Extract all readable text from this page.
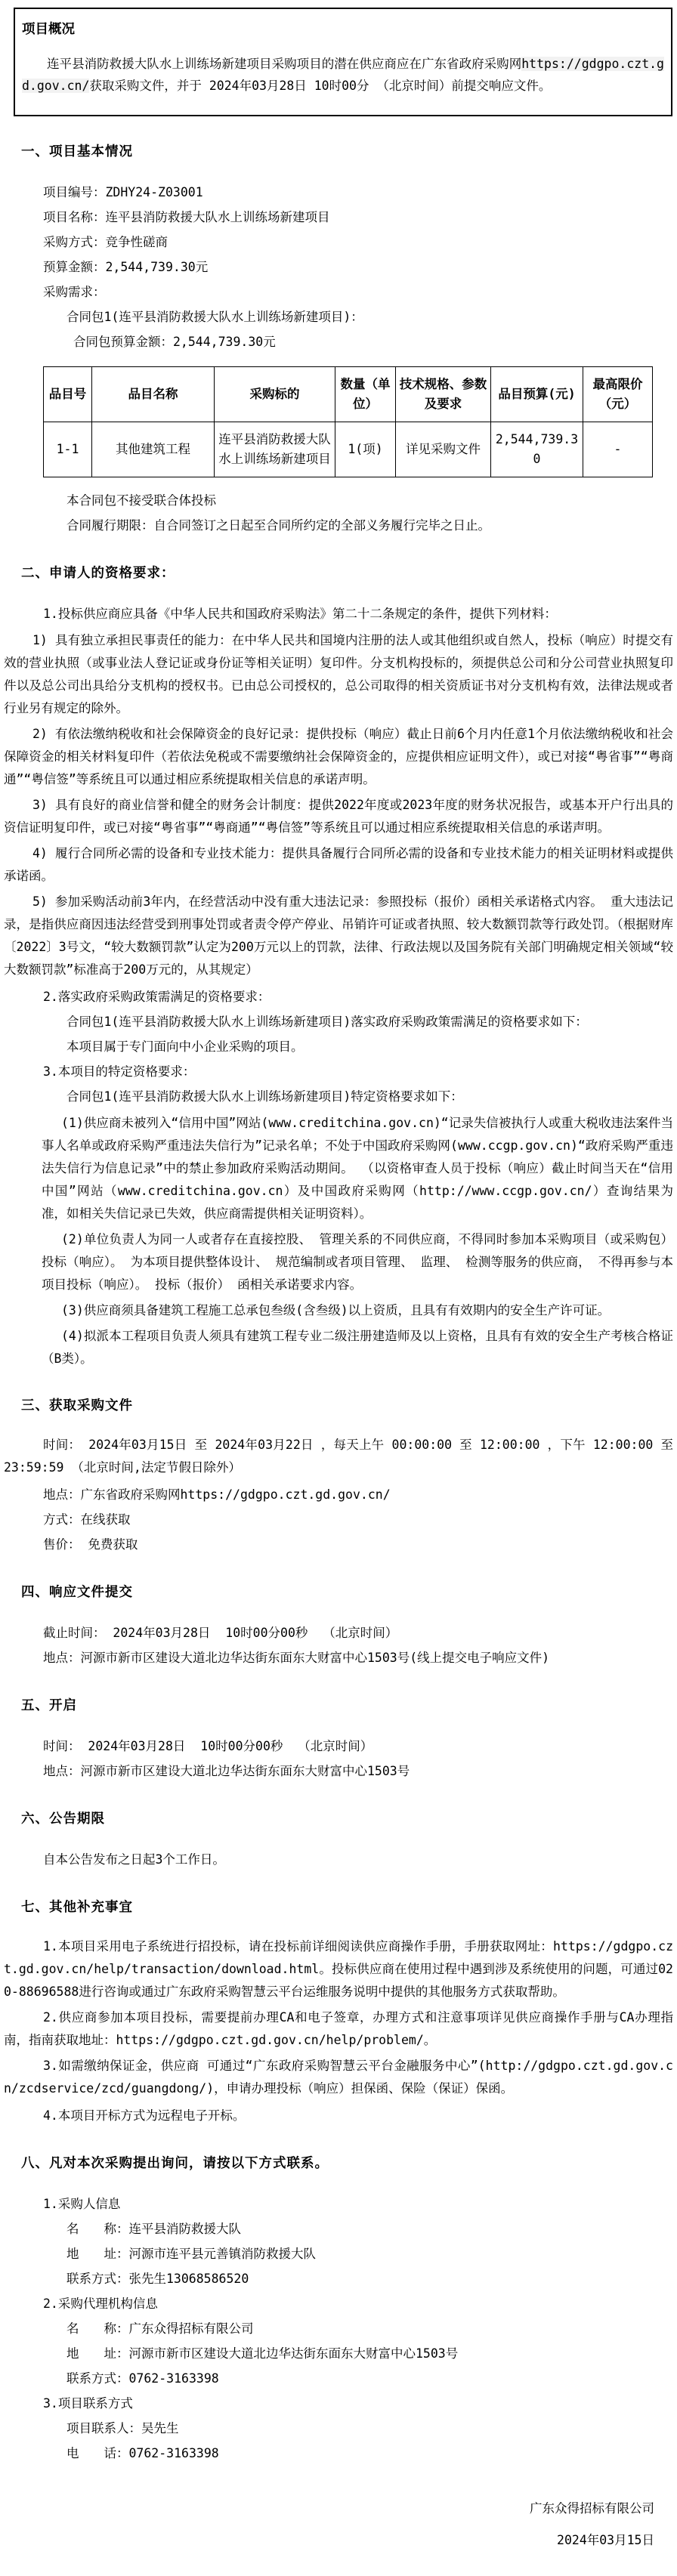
项目概况
连平县消防救援大队水上训练场新建项目采购项目的潜在供应商应在广东省政府采购网https://gdgpo.czt.gd.gov.cn/获取采购文件，并于 2024年03月28日 10时00分 （北京时间）前提交响应文件。
一、项目基本情况
项目编号：ZDHY24-Z03001
项目名称：连平县消防救援大队水上训练场新建项目
采购方式：竞争性磋商
预算金额：2,544,739.30元
采购需求：
合同包1(连平县消防救援大队水上训练场新建项目)：
合同包预算金额：2,544,739.30元
品目号	品目名称	采购标的	数量（单位）	技术规格、参数及要求	品目预算(元)	最高限价（元）
1-1	其他建筑工程	连平县消防救援大队水上训练场新建项目	1(项)	详见采购文件	2,544,739.30	-
本合同包不接受联合体投标
合同履行期限：自合同签订之日起至合同所约定的全部义务履行完毕之日止。
二、申请人的资格要求：
1.投标供应商应具备《中华人民共和国政府采购法》第二十二条规定的条件，提供下列材料：
1) 具有独立承担民事责任的能力：在中华人民共和国境内注册的法人或其他组织或自然人，投标（响应）时提交有效的营业执照（或事业法人登记证或身份证等相关证明）复印件。分支机构投标的，须提供总公司和分公司营业执照复印件以及总公司出具给分支机构的授权书。已由总公司授权的，总公司取得的相关资质证书对分支机构有效，法律法规或者行业另有规定的除外。
2) 有依法缴纳税收和社会保障资金的良好记录：提供投标（响应）截止日前6个月内任意1个月依法缴纳税收和社会保障资金的相关材料复印件（若依法免税或不需要缴纳社会保障资金的，应提供相应证明文件），或已对接“粤省事”“粤商通”“粤信签”等系统且可以通过相应系统提取相关信息的承诺声明。
3) 具有良好的商业信誉和健全的财务会计制度：提供2022年度或2023年度的财务状况报告，或基本开户行出具的资信证明复印件，或已对接“粤省事”“粤商通”“粤信签”等系统且可以通过相应系统提取相关信息的承诺声明。
4) 履行合同所必需的设备和专业技术能力：提供具备履行合同所必需的设备和专业技术能力的相关证明材料或提供承诺函。
5) 参加采购活动前3年内，在经营活动中没有重大违法记录：参照投标（报价）函相关承诺格式内容。 重大违法记录，是指供应商因违法经营受到刑事处罚或者责令停产停业、吊销许可证或者执照、较大数额罚款等行政处罚。（根据财库〔2022〕3号文，“较大数额罚款”认定为200万元以上的罚款，法律、行政法规以及国务院有关部门明确规定相关领域“较大数额罚款”标准高于200万元的，从其规定）
2.落实政府采购政策需满足的资格要求：
合同包1(连平县消防救援大队水上训练场新建项目)落实政府采购政策需满足的资格要求如下：
本项目属于专门面向中小企业采购的项目。
3.本项目的特定资格要求：
合同包1(连平县消防救援大队水上训练场新建项目)特定资格要求如下：
(1)供应商未被列入“信用中国”网站(www.creditchina.gov.cn)“记录失信被执行人或重大税收违法案件当事人名单或政府采购严重违法失信行为”记录名单；不处于中国政府采购网(www.ccgp.gov.cn)“政府采购严重违法失信行为信息记录”中的禁止参加政府采购活动期间。 （以资格审查人员于投标（响应）截止时间当天在“信用中国”网站（www.creditchina.gov.cn）及中国政府采购网（http://www.ccgp.gov.cn/）查询结果为准，如相关失信记录已失效，供应商需提供相关证明资料）。
(2)单位负责人为同一人或者存在直接控股、 管理关系的不同供应商，不得同时参加本采购项目（或采购包）投标（响应）。 为本项目提供整体设计、 规范编制或者项目管理、 监理、 检测等服务的供应商， 不得再参与本项目投标（响应）。 投标（报价） 函相关承诺要求内容。
(3)供应商须具备建筑工程施工总承包叁级(含叁级)以上资质，且具有有效期内的安全生产许可证。
(4)拟派本工程项目负责人须具有建筑工程专业二级注册建造师及以上资格，且具有有效的安全生产考核合格证（B类）。
三、获取采购文件
时间： 2024年03月15日 至 2024年03月22日 ，每天上午 00:00:00 至 12:00:00 ，下午 12:00:00 至 23:59:59 （北京时间,法定节假日除外）
地点：广东省政府采购网https://gdgpo.czt.gd.gov.cn/
方式：在线获取
售价： 免费获取
四、响应文件提交
截止时间： 2024年03月28日  10时00分00秒  （北京时间）
地点：河源市新市区建设大道北边华达街东面东大财富中心1503号(线上提交电子响应文件)
五、开启
时间： 2024年03月28日  10时00分00秒  （北京时间）
地点：河源市新市区建设大道北边华达街东面东大财富中心1503号
六、公告期限
自本公告发布之日起3个工作日。
七、其他补充事宜
1.本项目采用电子系统进行招投标，请在投标前详细阅读供应商操作手册，手册获取网址：https://gdgpo.czt.gd.gov.cn/help/transaction/download.html。投标供应商在使用过程中遇到涉及系统使用的问题，可通过020-88696588进行咨询或通过广东政府采购智慧云平台运维服务说明中提供的其他服务方式获取帮助。
2.供应商参加本项目投标，需要提前办理CA和电子签章，办理方式和注意事项详见供应商操作手册与CA办理指南，指南获取地址：https://gdgpo.czt.gd.gov.cn/help/problem/。
3.如需缴纳保证金，供应商 可通过“广东政府采购智慧云平台金融服务中心”(http://gdgpo.czt.gd.gov.cn/zcdservice/zcd/guangdong/)，申请办理投标（响应）担保函、保险（保证）保函。
4.本项目开标方式为远程电子开标。
八、凡对本次采购提出询问，请按以下方式联系。
1.采购人信息
名　　称：连平县消防救援大队
地　　址：河源市连平县元善镇消防救援大队
联系方式：张先生13068586520
2.采购代理机构信息
名　　称：广东众得招标有限公司
地　　址：河源市新市区建设大道北边华达街东面东大财富中心1503号
联系方式：0762-3163398
3.项目联系方式
项目联系人：吴先生
电　　话：0762-3163398
广东众得招标有限公司
2024年03月15日
